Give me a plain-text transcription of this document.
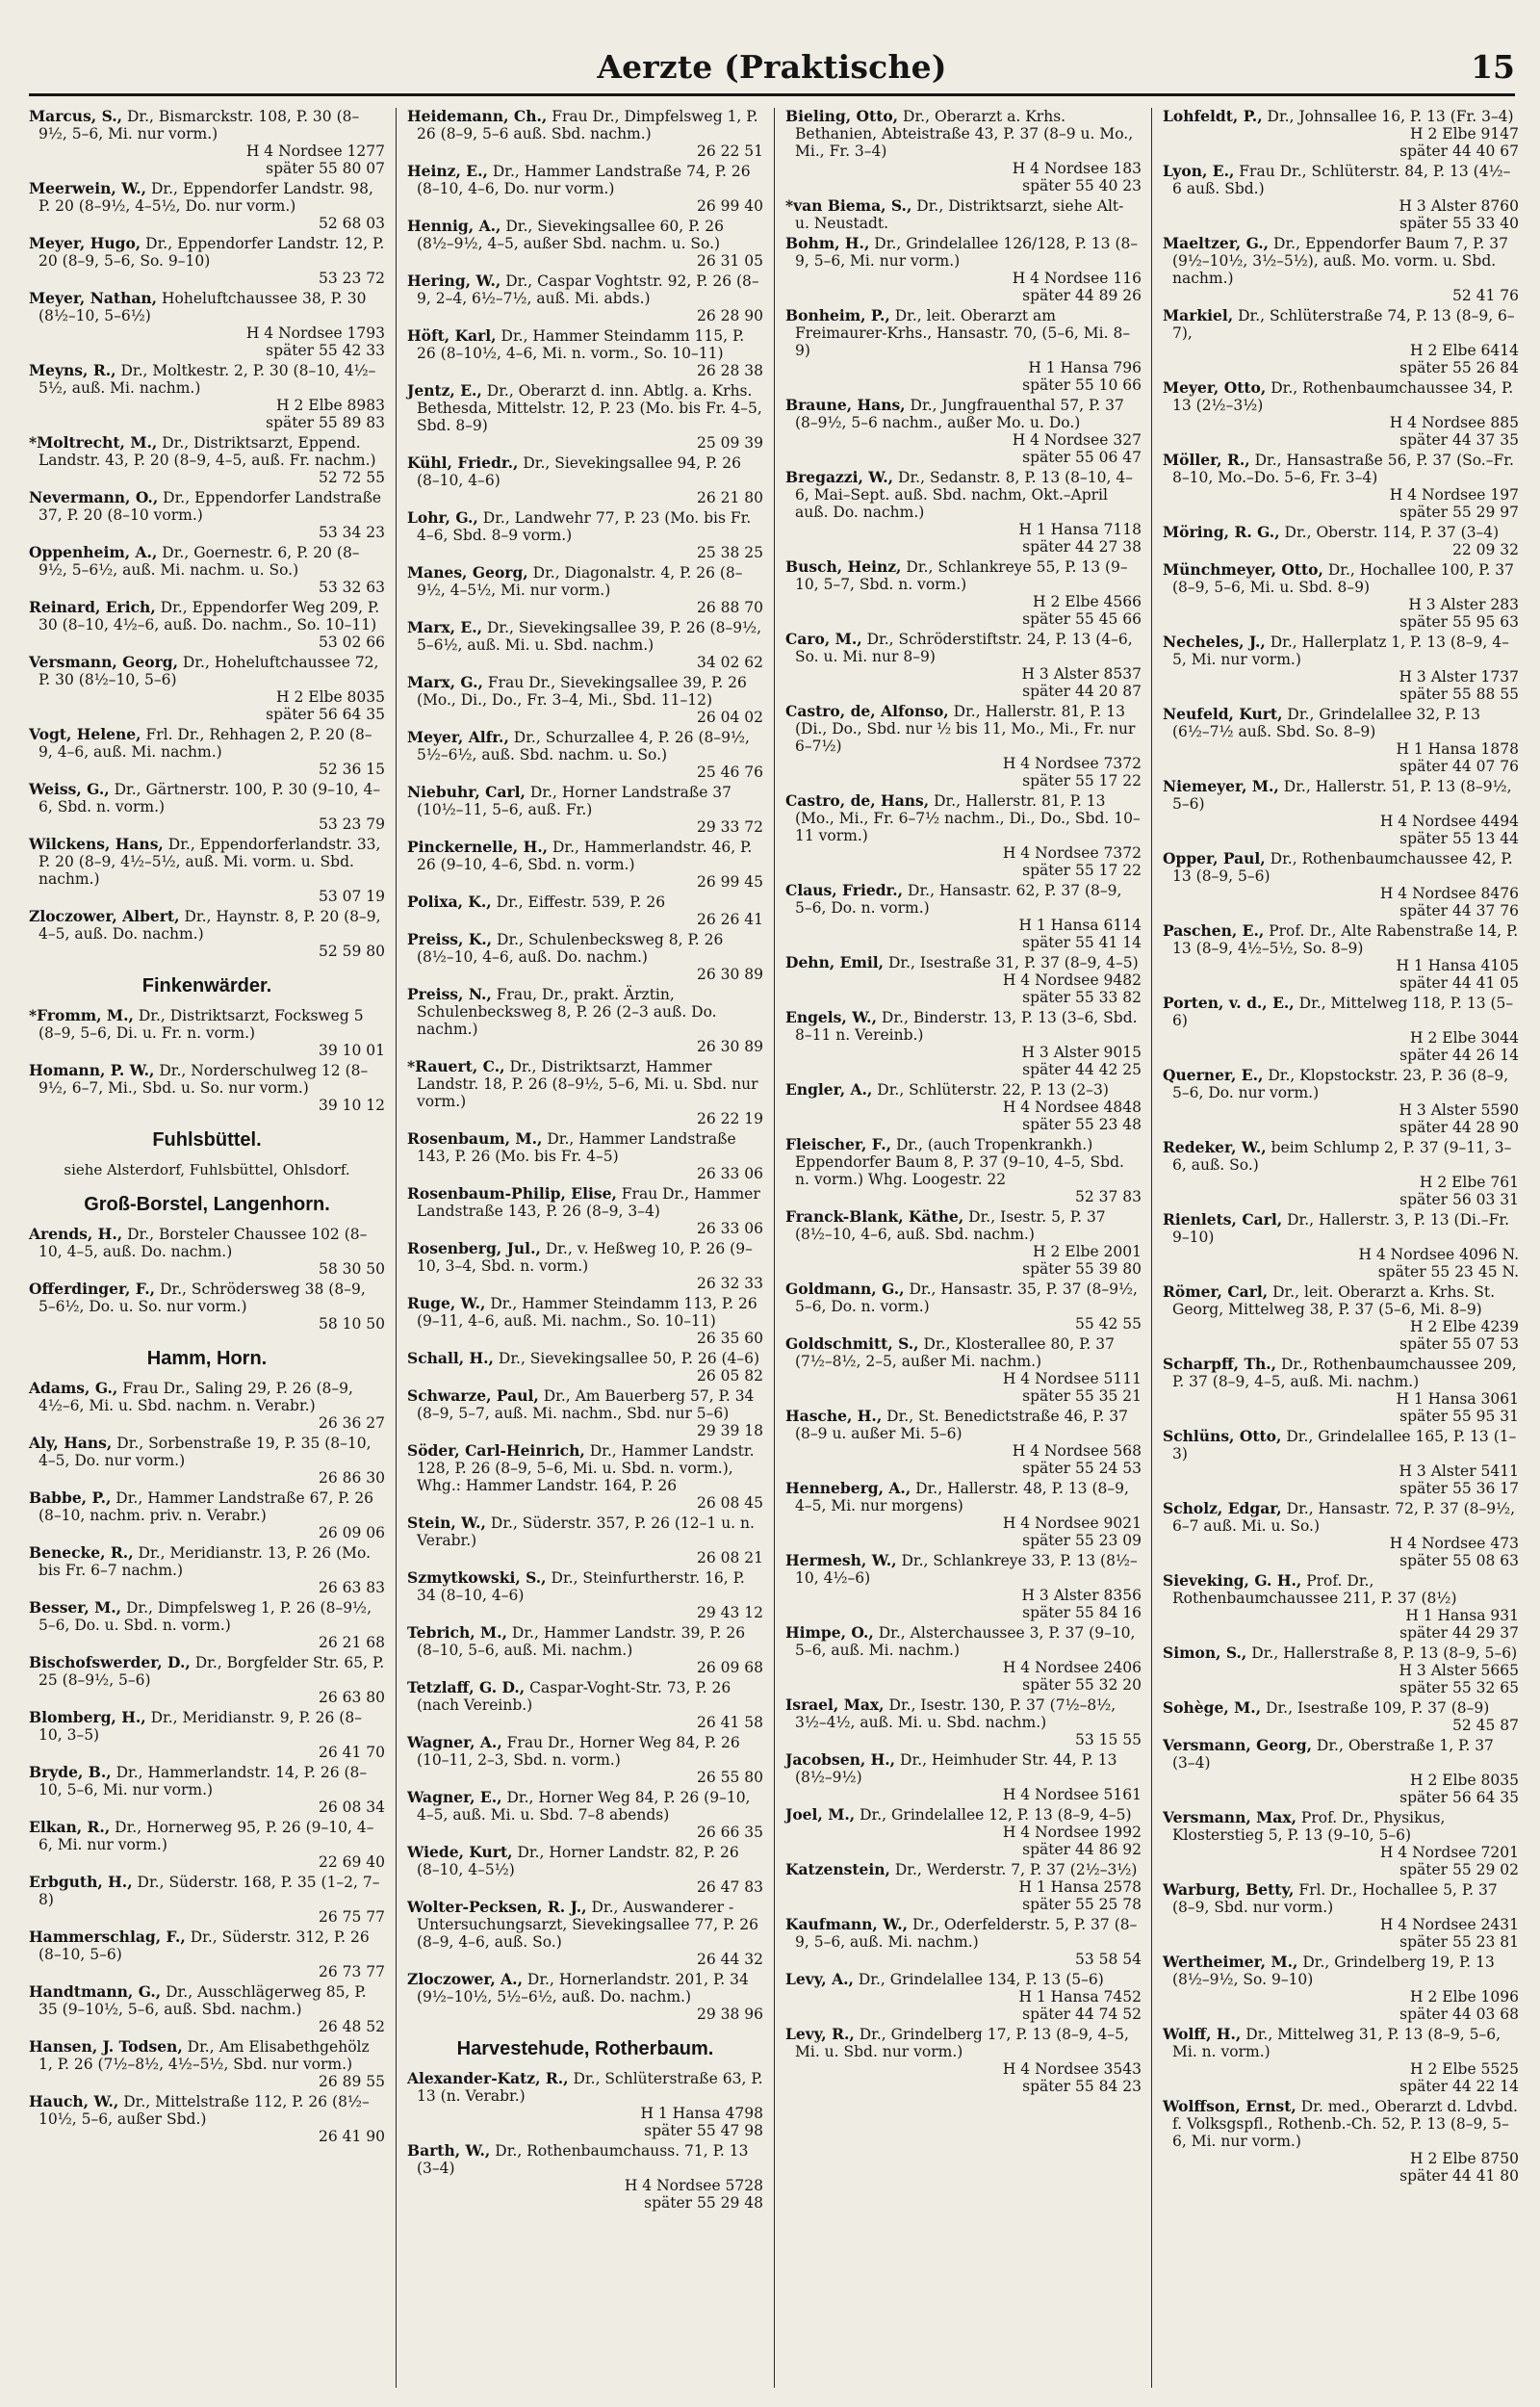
Aerzte (Praktische)	15
Marcus, S., Dr., Bismarckstr. 108, P. 30 (8–9½, 5–6, Mi. nur vorm.)
H 4 Nordsee 1277
später 55 80 07
Meerwein, W., Dr., Eppendorfer Landstr. 98, P. 20 (8–9½, 4–5½, Do. nur vorm.)
52 68 03
Meyer, Hugo, Dr., Eppendorfer Landstr. 12, P. 20 (8–9, 5–6, So. 9–10)
53 23 72
Meyer, Nathan, Hoheluftchaussee 38, P. 30 (8½–10, 5–6½)
H 4 Nordsee 1793
später 55 42 33
Meyns, R., Dr., Moltkestr. 2, P. 30 (8–10, 4½–5½, auß. Mi. nachm.)
H 2 Elbe 8983
später 55 89 83
*Moltrecht, M., Dr., Distriktsarzt, Eppend. Landstr. 43, P. 20 (8–9, 4–5, auß. Fr. nachm.)
52 72 55
Nevermann, O., Dr., Eppendorfer Landstraße 37, P. 20 (8–10 vorm.)
53 34 23
Oppenheim, A., Dr., Goernestr. 6, P. 20 (8–9½, 5–6½, auß. Mi. nachm. u. So.)
53 32 63
Reinard, Erich, Dr., Eppendorfer Weg 209, P. 30 (8–10, 4½–6, auß. Do. nachm., So. 10–11)
53 02 66
Versmann, Georg, Dr., Hoheluftchaussee 72, P. 30 (8½–10, 5–6)
H 2 Elbe 8035
später 56 64 35
Vogt, Helene, Frl. Dr., Rehhagen 2, P. 20 (8–9, 4–6, auß. Mi. nachm.)
52 36 15
Weiss, G., Dr., Gärtnerstr. 100, P. 30 (9–10, 4–6, Sbd. n. vorm.)
53 23 79
Wilckens, Hans, Dr., Eppendorferlandstr. 33, P. 20 (8–9, 4½–5½, auß. Mi. vorm. u. Sbd. nachm.)
53 07 19
Zloczower, Albert, Dr., Haynstr. 8, P. 20 (8–9, 4–5, auß. Do. nachm.)
52 59 80
Finkenwärder.
*Fromm, M., Dr., Distriktsarzt, Focksweg 5 (8–9, 5–6, Di. u. Fr. n. vorm.)
39 10 01
Homann, P. W., Dr., Norderschulweg 12 (8–9½, 6–7, Mi., Sbd. u. So. nur vorm.)
39 10 12
Fuhlsbüttel.
siehe Alsterdorf, Fuhlsbüttel, Ohlsdorf.
Groß-Borstel, Langenhorn.
Arends, H., Dr., Borsteler Chaussee 102 (8–10, 4–5, auß. Do. nachm.)
58 30 50
Offerdinger, F., Dr., Schrödersweg 38 (8–9, 5–6½, Do. u. So. nur vorm.)
58 10 50
Hamm, Horn.
Adams, G., Frau Dr., Saling 29, P. 26 (8–9, 4½–6, Mi. u. Sbd. nachm. n. Verabr.)
26 36 27
Aly, Hans, Dr., Sorbenstraße 19, P. 35 (8–10, 4–5, Do. nur vorm.)
26 86 30
Babbe, P., Dr., Hammer Landstraße 67, P. 26 (8–10, nachm. priv. n. Verabr.)
26 09 06
Benecke, R., Dr., Meridianstr. 13, P. 26 (Mo. bis Fr. 6–7 nachm.)
26 63 83
Besser, M., Dr., Dimpfelsweg 1, P. 26 (8–9½, 5–6, Do. u. Sbd. n. vorm.)
26 21 68
Bischofswerder, D., Dr., Borgfelder Str. 65, P. 25 (8–9½, 5–6)
26 63 80
Blomberg, H., Dr., Meridianstr. 9, P. 26 (8–10, 3–5)
26 41 70
Bryde, B., Dr., Hammerlandstr. 14, P. 26 (8–10, 5–6, Mi. nur vorm.)
26 08 34
Elkan, R., Dr., Hornerweg 95, P. 26 (9–10, 4–6, Mi. nur vorm.)
22 69 40
Erbguth, H., Dr., Süderstr. 168, P. 35 (1–2, 7–8)
26 75 77
Hammerschlag, F., Dr., Süderstr. 312, P. 26 (8–10, 5–6)
26 73 77
Handtmann, G., Dr., Ausschlägerweg 85, P. 35 (9–10½, 5–6, auß. Sbd. nachm.)
26 48 52
Hansen, J. Todsen, Dr., Am Elisabethgehölz 1, P. 26 (7½–8½, 4½–5½, Sbd. nur vorm.)
26 89 55
Hauch, W., Dr., Mittelstraße 112, P. 26 (8½–10½, 5–6, außer Sbd.)
26 41 90
Heidemann, Ch., Frau Dr., Dimpfelsweg 1, P. 26 (8–9, 5–6 auß. Sbd. nachm.)
26 22 51
Heinz, E., Dr., Hammer Landstraße 74, P. 26 (8–10, 4–6, Do. nur vorm.)
26 99 40
Hennig, A., Dr., Sievekingsallee 60, P. 26 (8½–9½, 4–5, außer Sbd. nachm. u. So.)
26 31 05
Hering, W., Dr., Caspar Voghtstr. 92, P. 26 (8–9, 2–4, 6½–7½, auß. Mi. abds.)
26 28 90
Höft, Karl, Dr., Hammer Steindamm 115, P. 26 (8–10½, 4–6, Mi. n. vorm., So. 10–11)
26 28 38
Jentz, E., Dr., Oberarzt d. inn. Abtlg. a. Krhs. Bethesda, Mittelstr. 12, P. 23 (Mo. bis Fr. 4–5, Sbd. 8–9)
25 09 39
Kühl, Friedr., Dr., Sievekingsallee 94, P. 26 (8–10, 4–6)
26 21 80
Lohr, G., Dr., Landwehr 77, P. 23 (Mo. bis Fr. 4–6, Sbd. 8–9 vorm.)
25 38 25
Manes, Georg, Dr., Diagonalstr. 4, P. 26 (8–9½, 4–5½, Mi. nur vorm.)
26 88 70
Marx, E., Dr., Sievekingsallee 39, P. 26 (8–9½, 5–6½, auß. Mi. u. Sbd. nachm.)
34 02 62
Marx, G., Frau Dr., Sievekingsallee 39, P. 26 (Mo., Di., Do., Fr. 3–4, Mi., Sbd. 11–12)
26 04 02
Meyer, Alfr., Dr., Schurzallee 4, P. 26 (8–9½, 5½–6½, auß. Sbd. nachm. u. So.)
25 46 76
Niebuhr, Carl, Dr., Horner Landstraße 37 (10½–11, 5–6, auß. Fr.)
29 33 72
Pinckernelle, H., Dr., Hammerlandstr. 46, P. 26 (9–10, 4–6, Sbd. n. vorm.)
26 99 45
Polixa, K., Dr., Eiffestr. 539, P. 26
26 26 41
Preiss, K., Dr., Schulenbecksweg 8, P. 26 (8½–10, 4–6, auß. Do. nachm.)
26 30 89
Preiss, N., Frau, Dr., prakt. Ärztin, Schulenbecksweg 8, P. 26 (2–3 auß. Do. nachm.)
26 30 89
*Rauert, C., Dr., Distriktsarzt, Hammer Landstr. 18, P. 26 (8–9½, 5–6, Mi. u. Sbd. nur vorm.)
26 22 19
Rosenbaum, M., Dr., Hammer Landstraße 143, P. 26 (Mo. bis Fr. 4–5)
26 33 06
Rosenbaum-Philip, Elise, Frau Dr., Hammer Landstraße 143, P. 26 (8–9, 3–4)
26 33 06
Rosenberg, Jul., Dr., v. Heßweg 10, P. 26 (9–10, 3–4, Sbd. n. vorm.)
26 32 33
Ruge, W., Dr., Hammer Steindamm 113, P. 26 (9–11, 4–6, auß. Mi. nachm., So. 10–11)
26 35 60
Schall, H., Dr., Sievekingsallee 50, P. 26 (4–6)
26 05 82
Schwarze, Paul, Dr., Am Bauerberg 57, P. 34 (8–9, 5–7, auß. Mi. nachm., Sbd. nur 5–6)
29 39 18
Söder, Carl-Heinrich, Dr., Hammer Landstr. 128, P. 26 (8–9, 5–6, Mi. u. Sbd. n. vorm.), Whg.: Hammer Landstr. 164, P. 26
26 08 45
Stein, W., Dr., Süderstr. 357, P. 26 (12–1 u. n. Verabr.)
26 08 21
Szmytkowski, S., Dr., Steinfurtherstr. 16, P. 34 (8–10, 4–6)
29 43 12
Tebrich, M., Dr., Hammer Landstr. 39, P. 26 (8–10, 5–6, auß. Mi. nachm.)
26 09 68
Tetzlaff, G. D., Caspar-Voght-Str. 73, P. 26 (nach Vereinb.)
26 41 58
Wagner, A., Frau Dr., Horner Weg 84, P. 26 (10–11, 2–3, Sbd. n. vorm.)
26 55 80
Wagner, E., Dr., Horner Weg 84, P. 26 (9–10, 4–5, auß. Mi. u. Sbd. 7–8 abends)
26 66 35
Wiede, Kurt, Dr., Horner Landstr. 82, P. 26 (8–10, 4–5½)
26 47 83
Wolter-Pecksen, R. J., Dr., Auswanderer - Untersuchungsarzt, Sievekingsallee 77, P. 26 (8–9, 4–6, auß. So.)
26 44 32
Zloczower, A., Dr., Hornerlandstr. 201, P. 34 (9½–10½, 5½–6½, auß. Do. nachm.)
29 38 96
Harvestehude, Rotherbaum.
Alexander-Katz, R., Dr., Schlüterstraße 63, P. 13 (n. Verabr.)
H 1 Hansa 4798
später 55 47 98
Barth, W., Dr., Rothenbaumchauss. 71, P. 13 (3–4)
H 4 Nordsee 5728
später 55 29 48
Bieling, Otto, Dr., Oberarzt a. Krhs. Bethanien, Abteistraße 43, P. 37 (8–9 u. Mo., Mi., Fr. 3–4)
H 4 Nordsee 183
später 55 40 23
*van Biema, S., Dr., Distriktsarzt, siehe Alt- u. Neustadt.
Bohm, H., Dr., Grindelallee 126/128, P. 13 (8–9, 5–6, Mi. nur vorm.)
H 4 Nordsee 116
später 44 89 26
Bonheim, P., Dr., leit. Oberarzt am Freimaurer-Krhs., Hansastr. 70, (5–6, Mi. 8–9)
H 1 Hansa 796
später 55 10 66
Braune, Hans, Dr., Jungfrauenthal 57, P. 37 (8–9½, 5–6 nachm., außer Mo. u. Do.)
H 4 Nordsee 327
später 55 06 47
Bregazzi, W., Dr., Sedanstr. 8, P. 13 (8–10, 4–6, Mai–Sept. auß. Sbd. nachm, Okt.–April auß. Do. nachm.)
H 1 Hansa 7118
später 44 27 38
Busch, Heinz, Dr., Schlankreye 55, P. 13 (9–10, 5–7, Sbd. n. vorm.)
H 2 Elbe 4566
später 55 45 66
Caro, M., Dr., Schröderstiftstr. 24, P. 13 (4–6, So. u. Mi. nur 8–9)
H 3 Alster 8537
später 44 20 87
Castro, de, Alfonso, Dr., Hallerstr. 81, P. 13 (Di., Do., Sbd. nur ½ bis 11, Mo., Mi., Fr. nur 6–7½)
H 4 Nordsee 7372
später 55 17 22
Castro, de, Hans, Dr., Hallerstr. 81, P. 13 (Mo., Mi., Fr. 6–7½ nachm., Di., Do., Sbd. 10–11 vorm.)
H 4 Nordsee 7372
später 55 17 22
Claus, Friedr., Dr., Hansastr. 62, P. 37 (8–9, 5–6, Do. n. vorm.)
H 1 Hansa 6114
später 55 41 14
Dehn, Emil, Dr., Isestraße 31, P. 37 (8–9, 4–5)
H 4 Nordsee 9482
später 55 33 82
Engels, W., Dr., Binderstr. 13, P. 13 (3–6, Sbd. 8–11 n. Vereinb.)
H 3 Alster 9015
später 44 42 25
Engler, A., Dr., Schlüterstr. 22, P. 13 (2–3)
H 4 Nordsee 4848
später 55 23 48
Fleischer, F., Dr., (auch Tropenkrankh.) Eppendorfer Baum 8, P. 37 (9–10, 4–5, Sbd. n. vorm.) Whg. Loogestr. 22
52 37 83
Franck-Blank, Käthe, Dr., Isestr. 5, P. 37 (8½–10, 4–6, auß. Sbd. nachm.)
H 2 Elbe 2001
später 55 39 80
Goldmann, G., Dr., Hansastr. 35, P. 37 (8–9½, 5–6, Do. n. vorm.)
55 42 55
Goldschmitt, S., Dr., Klosterallee 80, P. 37 (7½–8½, 2–5, außer Mi. nachm.)
H 4 Nordsee 5111
später 55 35 21
Hasche, H., Dr., St. Benedictstraße 46, P. 37 (8–9 u. außer Mi. 5–6)
H 4 Nordsee 568
später 55 24 53
Henneberg, A., Dr., Hallerstr. 48, P. 13 (8–9, 4–5, Mi. nur morgens)
H 4 Nordsee 9021
später 55 23 09
Hermesh, W., Dr., Schlankreye 33, P. 13 (8½–10, 4½–6)
H 3 Alster 8356
später 55 84 16
Himpe, O., Dr., Alsterchaussee 3, P. 37 (9–10, 5–6, auß. Mi. nachm.)
H 4 Nordsee 2406
später 55 32 20
Israel, Max, Dr., Isestr. 130, P. 37 (7½–8½, 3½–4½, auß. Mi. u. Sbd. nachm.)
53 15 55
Jacobsen, H., Dr., Heimhuder Str. 44, P. 13 (8½–9½)
H 4 Nordsee 5161
Joel, M., Dr., Grindelallee 12, P. 13 (8–9, 4–5)
H 4 Nordsee 1992
später 44 86 92
Katzenstein, Dr., Werderstr. 7, P. 37 (2½–3½)
H 1 Hansa 2578
später 55 25 78
Kaufmann, W., Dr., Oderfelderstr. 5, P. 37 (8–9, 5–6, auß. Mi. nachm.)
53 58 54
Levy, A., Dr., Grindelallee 134, P. 13 (5–6)
H 1 Hansa 7452
später 44 74 52
Levy, R., Dr., Grindelberg 17, P. 13 (8–9, 4–5, Mi. u. Sbd. nur vorm.)
H 4 Nordsee 3543
später 55 84 23
Lohfeldt, P., Dr., Johnsallee 16, P. 13 (Fr. 3–4)
H 2 Elbe 9147
später 44 40 67
Lyon, E., Frau Dr., Schlüterstr. 84, P. 13 (4½–6 auß. Sbd.)
H 3 Alster 8760
später 55 33 40
Maeltzer, G., Dr., Eppendorfer Baum 7, P. 37 (9½–10½, 3½–5½), auß. Mo. vorm. u. Sbd. nachm.)
52 41 76
Markiel, Dr., Schlüterstraße 74, P. 13 (8–9, 6–7),
H 2 Elbe 6414
später 55 26 84
Meyer, Otto, Dr., Rothenbaumchaussee 34, P. 13 (2½–3½)
H 4 Nordsee 885
später 44 37 35
Möller, R., Dr., Hansastraße 56, P. 37 (So.–Fr. 8–10, Mo.–Do. 5–6, Fr. 3–4)
H 4 Nordsee 197
später 55 29 97
Möring, R. G., Dr., Oberstr. 114, P. 37 (3–4)
22 09 32
Münchmeyer, Otto, Dr., Hochallee 100, P. 37 (8–9, 5–6, Mi. u. Sbd. 8–9)
H 3 Alster 283
später 55 95 63
Necheles, J., Dr., Hallerplatz 1, P. 13 (8–9, 4–5, Mi. nur vorm.)
H 3 Alster 1737
später 55 88 55
Neufeld, Kurt, Dr., Grindelallee 32, P. 13 (6½–7½ auß. Sbd. So. 8–9)
H 1 Hansa 1878
später 44 07 76
Niemeyer, M., Dr., Hallerstr. 51, P. 13 (8–9½, 5–6)
H 4 Nordsee 4494
später 55 13 44
Opper, Paul, Dr., Rothenbaumchaussee 42, P. 13 (8–9, 5–6)
H 4 Nordsee 8476
später 44 37 76
Paschen, E., Prof. Dr., Alte Rabenstraße 14, P. 13 (8–9, 4½–5½, So. 8–9)
H 1 Hansa 4105
später 44 41 05
Porten, v. d., E., Dr., Mittelweg 118, P. 13 (5–6)
H 2 Elbe 3044
später 44 26 14
Querner, E., Dr., Klopstockstr. 23, P. 36 (8–9, 5–6, Do. nur vorm.)
H 3 Alster 5590
später 44 28 90
Redeker, W., beim Schlump 2, P. 37 (9–11, 3–6, auß. So.)
H 2 Elbe 761
später 56 03 31
Rienlets, Carl, Dr., Hallerstr. 3, P. 13 (Di.–Fr. 9–10)
H 4 Nordsee 4096 N.
später 55 23 45 N.
Römer, Carl, Dr., leit. Oberarzt a. Krhs. St. Georg, Mittelweg 38, P. 37 (5–6, Mi. 8–9)
H 2 Elbe 4239
später 55 07 53
Scharpff, Th., Dr., Rothenbaumchaussee 209, P. 37 (8–9, 4–5, auß. Mi. nachm.)
H 1 Hansa 3061
später 55 95 31
Schlüns, Otto, Dr., Grindelallee 165, P. 13 (1–3)
H 3 Alster 5411
später 55 36 17
Scholz, Edgar, Dr., Hansastr. 72, P. 37 (8–9½, 6–7 auß. Mi. u. So.)
H 4 Nordsee 473
später 55 08 63
Sieveking, G. H., Prof. Dr., Rothenbaumchaussee 211, P. 37 (8½)
H 1 Hansa 931
später 44 29 37
Simon, S., Dr., Hallerstraße 8, P. 13 (8–9, 5–6)
H 3 Alster 5665
später 55 32 65
Sohège, M., Dr., Isestraße 109, P. 37 (8–9)
52 45 87
Versmann, Georg, Dr., Oberstraße 1, P. 37 (3–4)
H 2 Elbe 8035
später 56 64 35
Versmann, Max, Prof. Dr., Physikus, Klosterstieg 5, P. 13 (9–10, 5–6)
H 4 Nordsee 7201
später 55 29 02
Warburg, Betty, Frl. Dr., Hochallee 5, P. 37 (8–9, Sbd. nur vorm.)
H 4 Nordsee 2431
später 55 23 81
Wertheimer, M., Dr., Grindelberg 19, P. 13 (8½–9½, So. 9–10)
H 2 Elbe 1096
später 44 03 68
Wolff, H., Dr., Mittelweg 31, P. 13 (8–9, 5–6, Mi. n. vorm.)
H 2 Elbe 5525
später 44 22 14
Wolffson, Ernst, Dr. med., Oberarzt d. Ldvbd. f. Volksgspfl., Rothenb.-Ch. 52, P. 13 (8–9, 5–6, Mi. nur vorm.)
H 2 Elbe 8750
später 44 41 80
